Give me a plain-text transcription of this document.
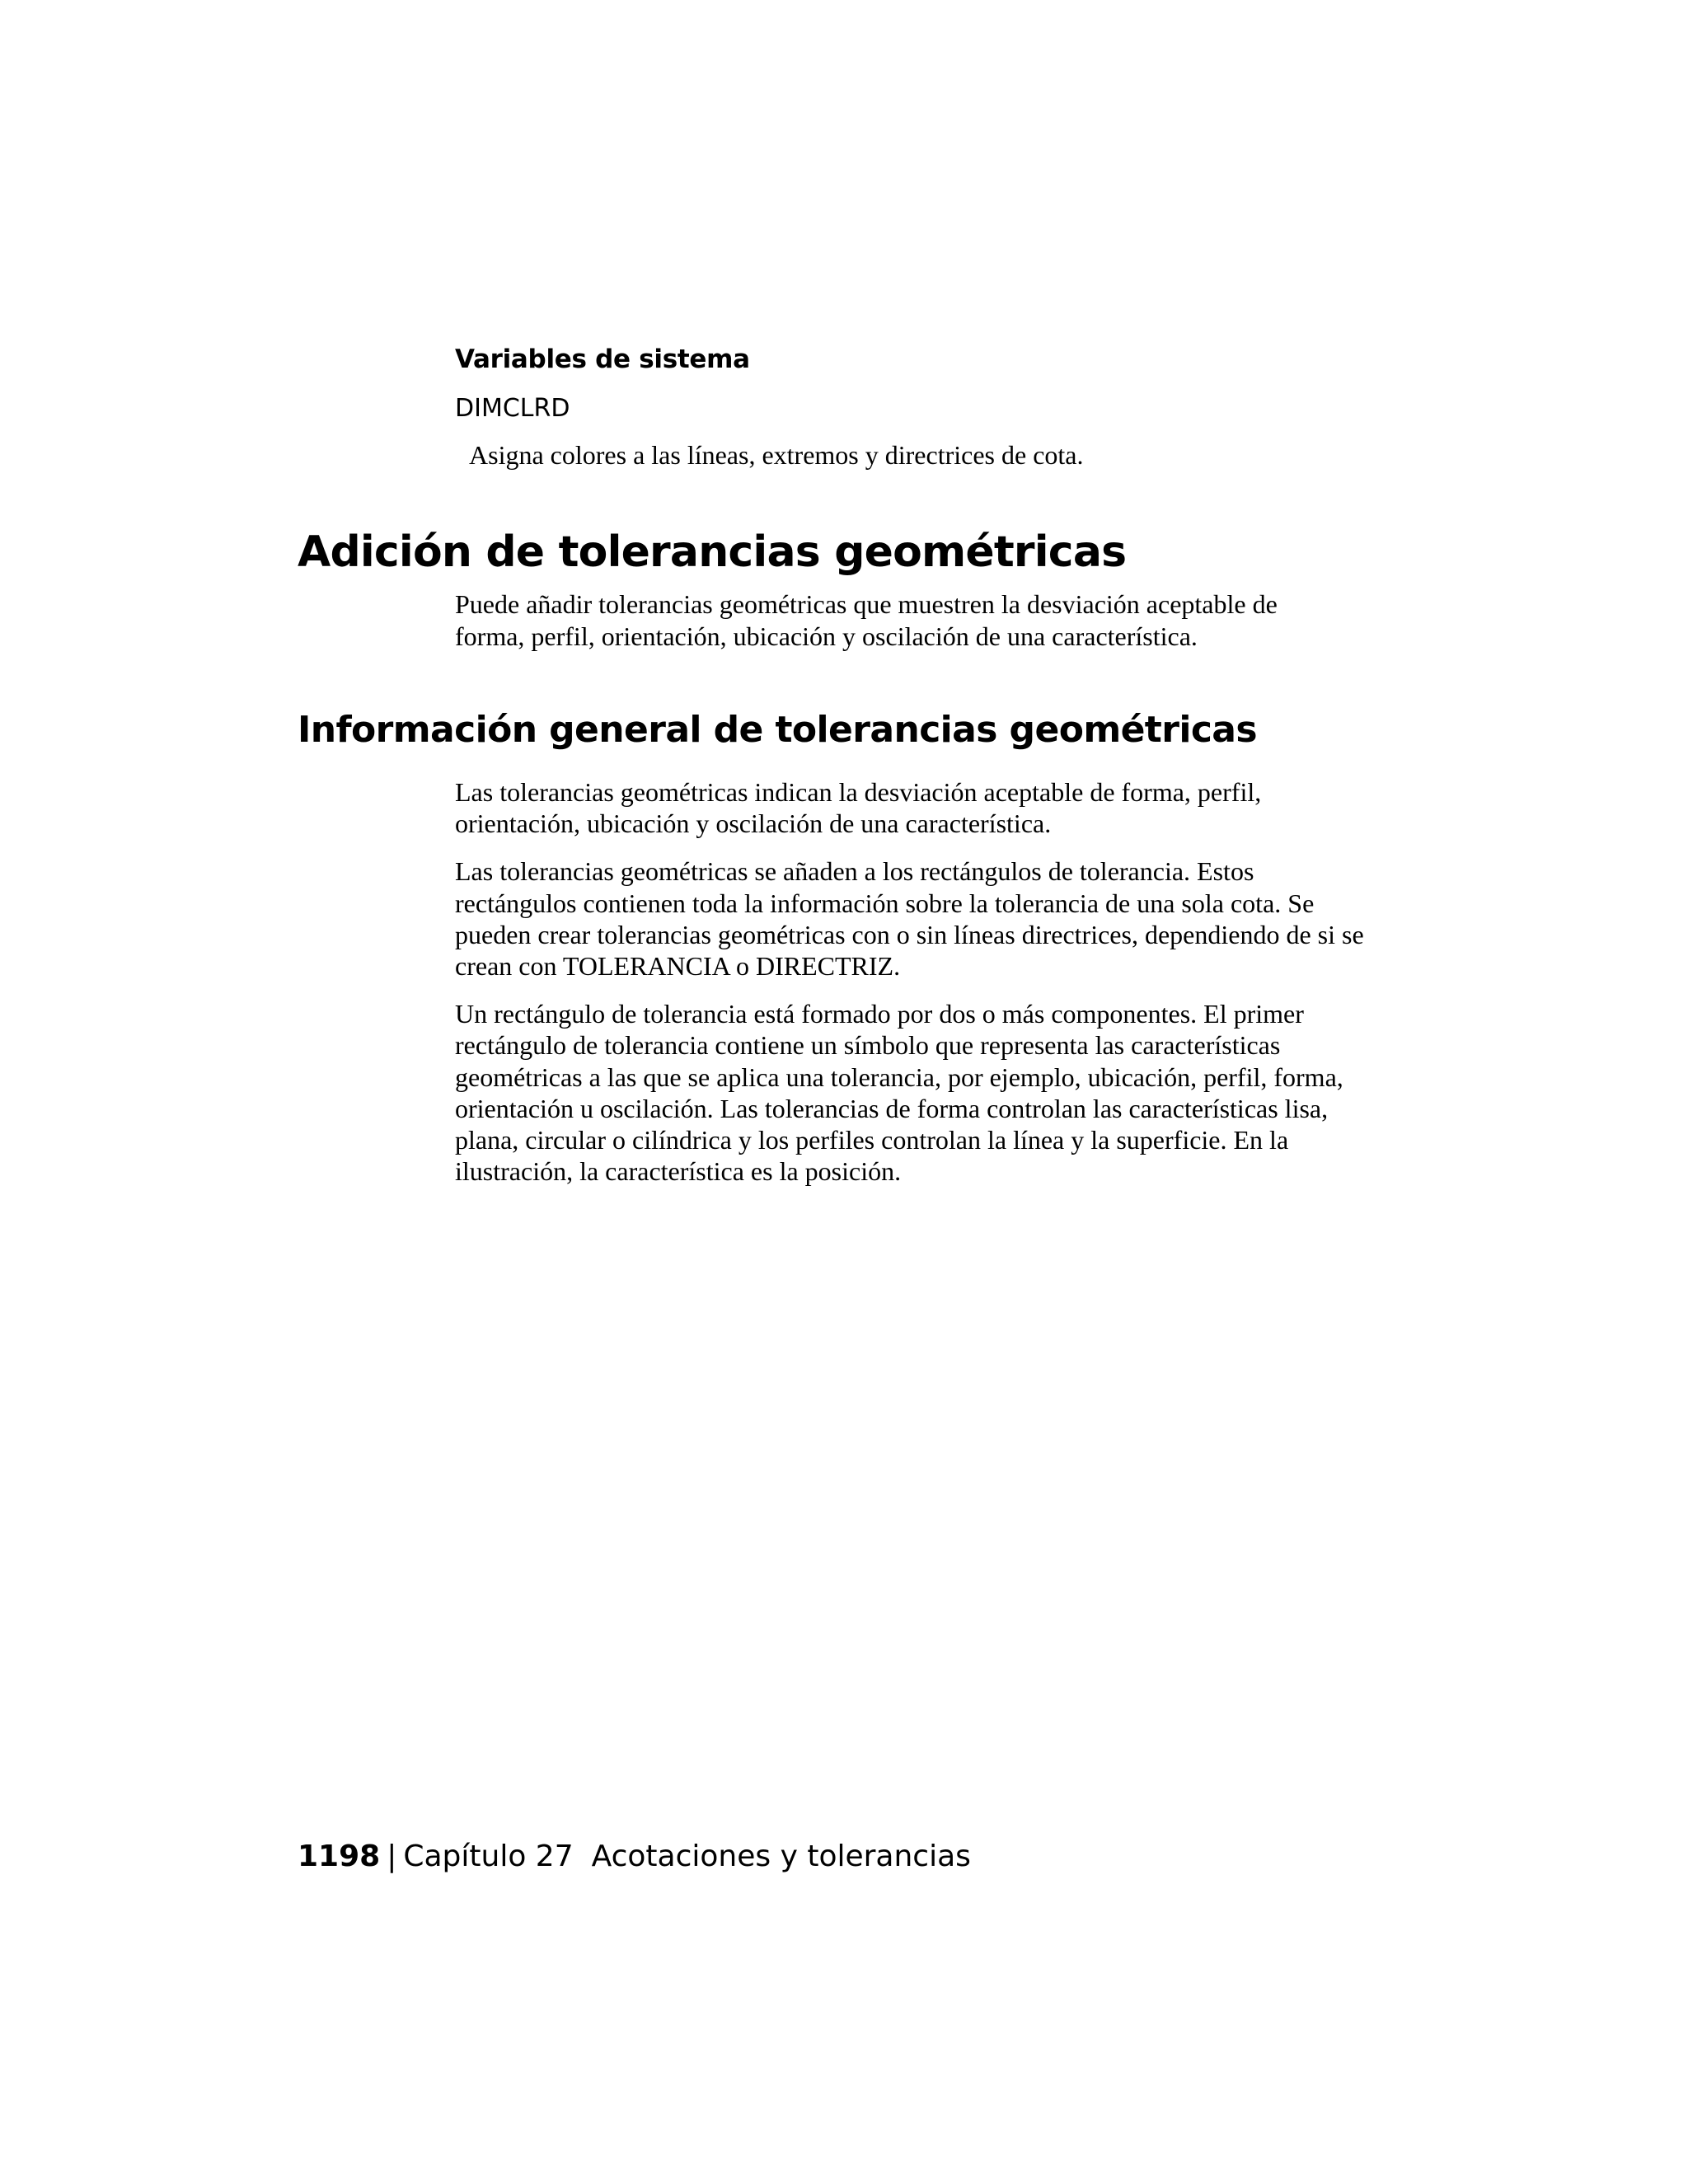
Variables de sistema
DIMCLRD
Asigna colores a las líneas, extremos y directrices de cota.
Adición de tolerancias geométricas
Puede añadir tolerancias geométricas que muestren la desviación aceptable de forma, perfil, orientación, ubicación y oscilación de una característica.
Información general de tolerancias geométricas

Las tolerancias geométricas indican la desviación aceptable de forma, perfil, orientación, ubicación y oscilación de una característica.

Las tolerancias geométricas se añaden a los rectángulos de tolerancia. Estos rectángulos contienen toda la información sobre la tolerancia de una sola cota. Se pueden crear tolerancias geométricas con o sin líneas directrices, dependiendo de si se crean con TOLERANCIA o DIRECTRIZ.

Un rectángulo de tolerancia está formado por dos o más componentes. El primer rectángulo de tolerancia contiene un símbolo que representa las características geométricas a las que se aplica una tolerancia, por ejemplo, ubicación, perfil, forma, orientación u oscilación. Las tolerancias de forma controlan las características lisa, plana, circular o cilíndrica y los perfiles controlan la línea y la superficie. En la ilustración, la característica es la posición.

1198 | Capítulo 27 Acotaciones y tolerancias
